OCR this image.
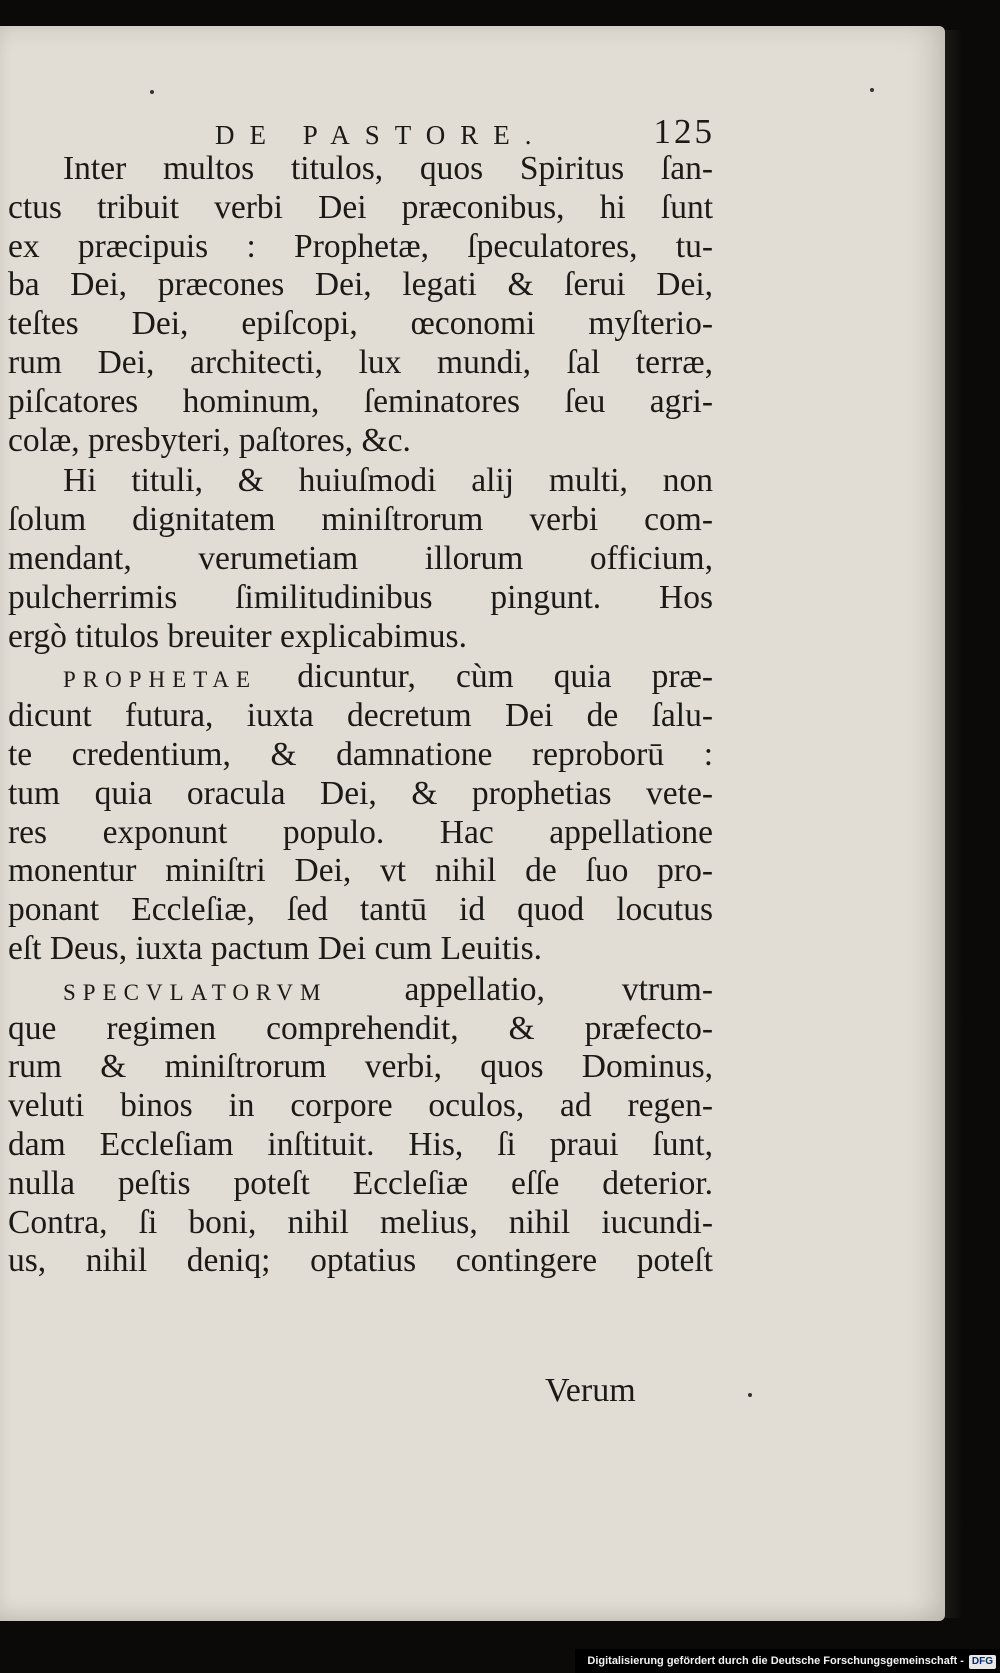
DE PASTORE.	125
Inter multos titulos, quos Spiritus ſan-
ctus tribuit verbi Dei præconibus, hi ſunt
ex præcipuis : Prophetæ, ſpeculatores, tu-
ba Dei, præcones Dei, legati & ſerui Dei,
teſtes Dei, epiſcopi, œconomi myſterio-
rum Dei, architecti, lux mundi, ſal terræ,
piſcatores hominum, ſeminatores ſeu agri-
colæ, presbyteri, paſtores, &c.
Hi tituli, & huiuſmodi alij multi, non
ſolum dignitatem miniſtrorum verbi com-
mendant, verumetiam illorum officium,
pulcherrimis ſimilitudinibus pingunt. Hos
ergò titulos breuiter explicabimus.
PROPHETAE dicuntur, cùm quia præ-
dicunt futura, iuxta decretum Dei de ſalu-
te credentium, & damnatione reproborū :
tum quia oracula Dei, & prophetias vete-
res exponunt populo. Hac appellatione
monentur miniſtri Dei, vt nihil de ſuo pro-
ponant Eccleſiæ, ſed tantū id quod locutus
eſt Deus, iuxta pactum Dei cum Leuitis.
SPECVLATORVM appellatio, vtrum-
que regimen comprehendit, & præfecto-
rum & miniſtrorum verbi, quos Dominus,
veluti binos in corpore oculos, ad regen-
dam Eccleſiam inſtituit. His, ſi praui ſunt,
nulla peſtis poteſt Eccleſiæ eſſe deterior.
Contra, ſi boni, nihil melius, nihil iucundi-
us, nihil deniq; optatius contingere poteſt
Verum
Digitalisierung gefördert durch die Deutsche Forschungsgemeinschaft - DFG
